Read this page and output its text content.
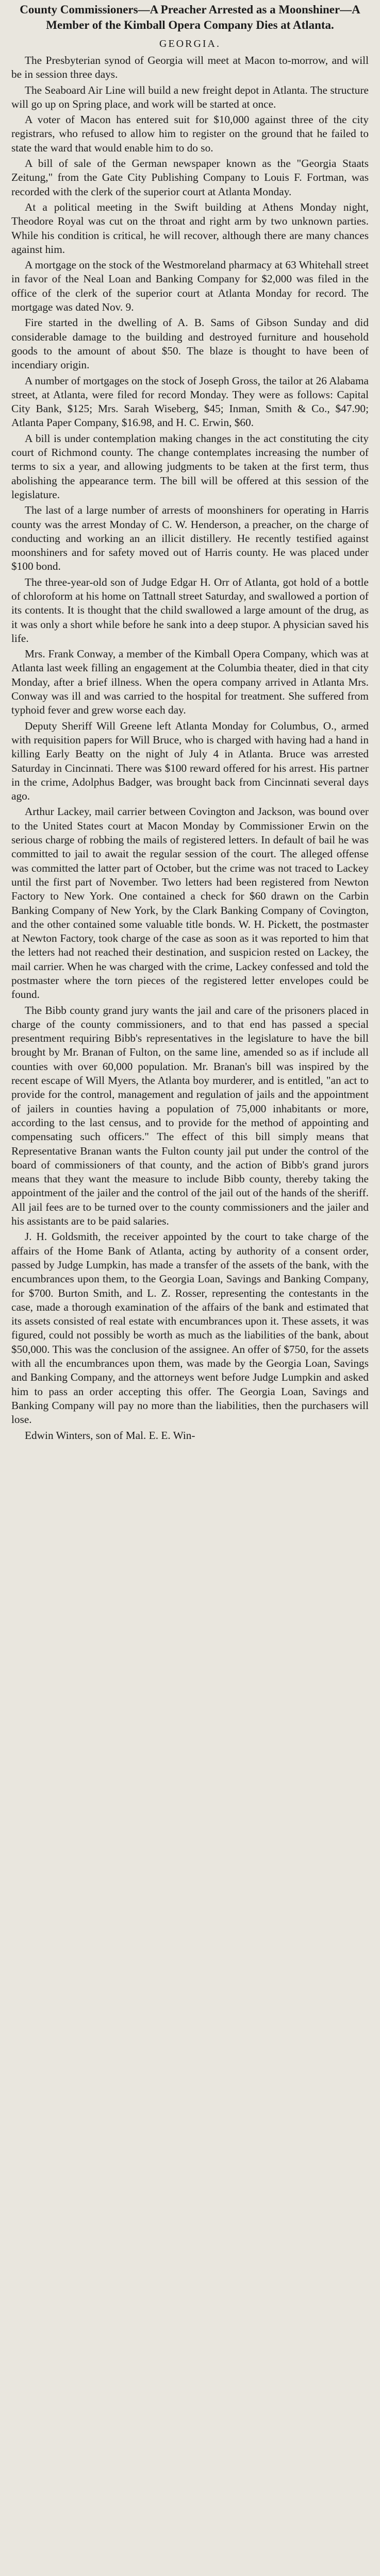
County Commissioners—A Preacher Arrested as a Moonshiner—A Member of the Kimball Opera Company Dies at Atlanta.
GEORGIA.

The Presbyterian synod of Georgia will meet at Macon to-morrow, and will be in session three days.

The Seaboard Air Line will build a new freight depot in Atlanta. The structure will go up on Spring place, and work will be started at once.

A voter of Macon has entered suit for $10,000 against three of the city registrars, who refused to allow him to register on the ground that he failed to state the ward that would enable him to do so.

A bill of sale of the German newspaper known as the "Georgia Staats Zeitung," from the Gate City Publishing Company to Louis F. Fortman, was recorded with the clerk of the superior court at Atlanta Monday.

At a political meeting in the Swift building at Athens Monday night, Theodore Royal was cut on the throat and right arm by two unknown parties. While his condition is critical, he will recover, although there are many chances against him.

A mortgage on the stock of the Westmoreland pharmacy at 63 Whitehall street in favor of the Neal Loan and Banking Company for $2,000 was filed in the office of the clerk of the superior court at Atlanta Monday for record. The mortgage was dated Nov. 9.

Fire started in the dwelling of A. B. Sams of Gibson Sunday and did considerable damage to the building and destroyed furniture and household goods to the amount of about $50. The blaze is thought to have been of incendiary origin.

A number of mortgages on the stock of Joseph Gross, the tailor at 26 Alabama street, at Atlanta, were filed for record Monday. They were as follows: Capital City Bank, $125; Mrs. Sarah Wiseberg, $45; Inman, Smith & Co., $47.90; Atlanta Paper Company, $16.98, and H. C. Erwin, $60.

A bill is under contemplation making changes in the act constituting the city court of Richmond county. The change contemplates increasing the number of terms to six a year, and allowing judgments to be taken at the first term, thus abolishing the appearance term. The bill will be offered at this session of the legislature.

The last of a large number of arrests of moonshiners for operating in Harris county was the arrest Monday of C. W. Henderson, a preacher, on the charge of conducting and working an an illicit distillery. He recently testified against moonshiners and for safety moved out of Harris county. He was placed under $100 bond.

The three-year-old son of Judge Edgar H. Orr of Atlanta, got hold of a bottle of chloroform at his home on Tattnall street Saturday, and swallowed a portion of its contents. It is thought that the child swallowed a large amount of the drug, as it was only a short while before he sank into a deep stupor. A physician saved his life.

Mrs. Frank Conway, a member of the Kimball Opera Company, which was at Atlanta last week filling an engagement at the Columbia theater, died in that city Monday, after a brief illness. When the opera company arrived in Atlanta Mrs. Conway was ill and was carried to the hospital for treatment. She suffered from typhoid fever and grew worse each day.

Deputy Sheriff Will Greene left Atlanta Monday for Columbus, O., armed with requisition papers for Will Bruce, who is charged with having had a hand in killing Early Beatty on the night of July 4 in Atlanta. Bruce was arrested Saturday in Cincinnati. There was $100 reward offered for his arrest. His partner in the crime, Adolphus Badger, was brought back from Cincinnati several days ago.

Arthur Lackey, mail carrier between Covington and Jackson, was bound over to the United States court at Macon Monday by Commissioner Erwin on the serious charge of robbing the mails of registered letters. In default of bail he was committed to jail to await the regular session of the court. The alleged offense was committed the latter part of October, but the crime was not traced to Lackey until the first part of November. Two letters had been registered from Newton Factory to New York. One contained a check for $60 drawn on the Carbin Banking Company of New York, by the Clark Banking Company of Covington, and the other contained some valuable title bonds. W. H. Pickett, the postmaster at Newton Factory, took charge of the case as soon as it was reported to him that the letters had not reached their destination, and suspicion rested on Lackey, the mail carrier. When he was charged with the crime, Lackey confessed and told the postmaster where the torn pieces of the registered letter envelopes could be found.

The Bibb county grand jury wants the jail and care of the prisoners placed in charge of the county commissioners, and to that end has passed a special presentment requiring Bibb's representatives in the legislature to have the bill brought by Mr. Branan of Fulton, on the same line, amended so as if include all counties with over 60,000 population. Mr. Branan's bill was inspired by the recent escape of Will Myers, the Atlanta boy murderer, and is entitled, "an act to provide for the control, management and regulation of jails and the appointment of jailers in counties having a population of 75,000 inhabitants or more, according to the last census, and to provide for the method of appointing and compensating such officers." The effect of this bill simply means that Representative Branan wants the Fulton county jail put under the control of the board of commissioners of that county, and the action of Bibb's grand jurors means that they want the measure to include Bibb county, thereby taking the appointment of the jailer and the control of the jail out of the hands of the sheriff. All jail fees are to be turned over to the county commissioners and the jailer and his assistants are to be paid salaries.

J. H. Goldsmith, the receiver appointed by the court to take charge of the affairs of the Home Bank of Atlanta, acting by authority of a consent order, passed by Judge Lumpkin, has made a transfer of the assets of the bank, with the encumbrances upon them, to the Georgia Loan, Savings and Banking Company, for $700. Burton Smith, and L. Z. Rosser, representing the contestants in the case, made a thorough examination of the affairs of the bank and estimated that its assets consisted of real estate with encumbrances upon it. These assets, it was figured, could not possibly be worth as much as the liabilities of the bank, about $50,000. This was the conclusion of the assignee. An offer of $750, for the assets with all the encumbrances upon them, was made by the Georgia Loan, Savings and Banking Company, and the attorneys went before Judge Lumpkin and asked him to pass an order accepting this offer. The Georgia Loan, Savings and Banking Company will pay no more than the liabilities, then the purchasers will lose.

Edwin Winters, son of Mal. E. E. Win-
